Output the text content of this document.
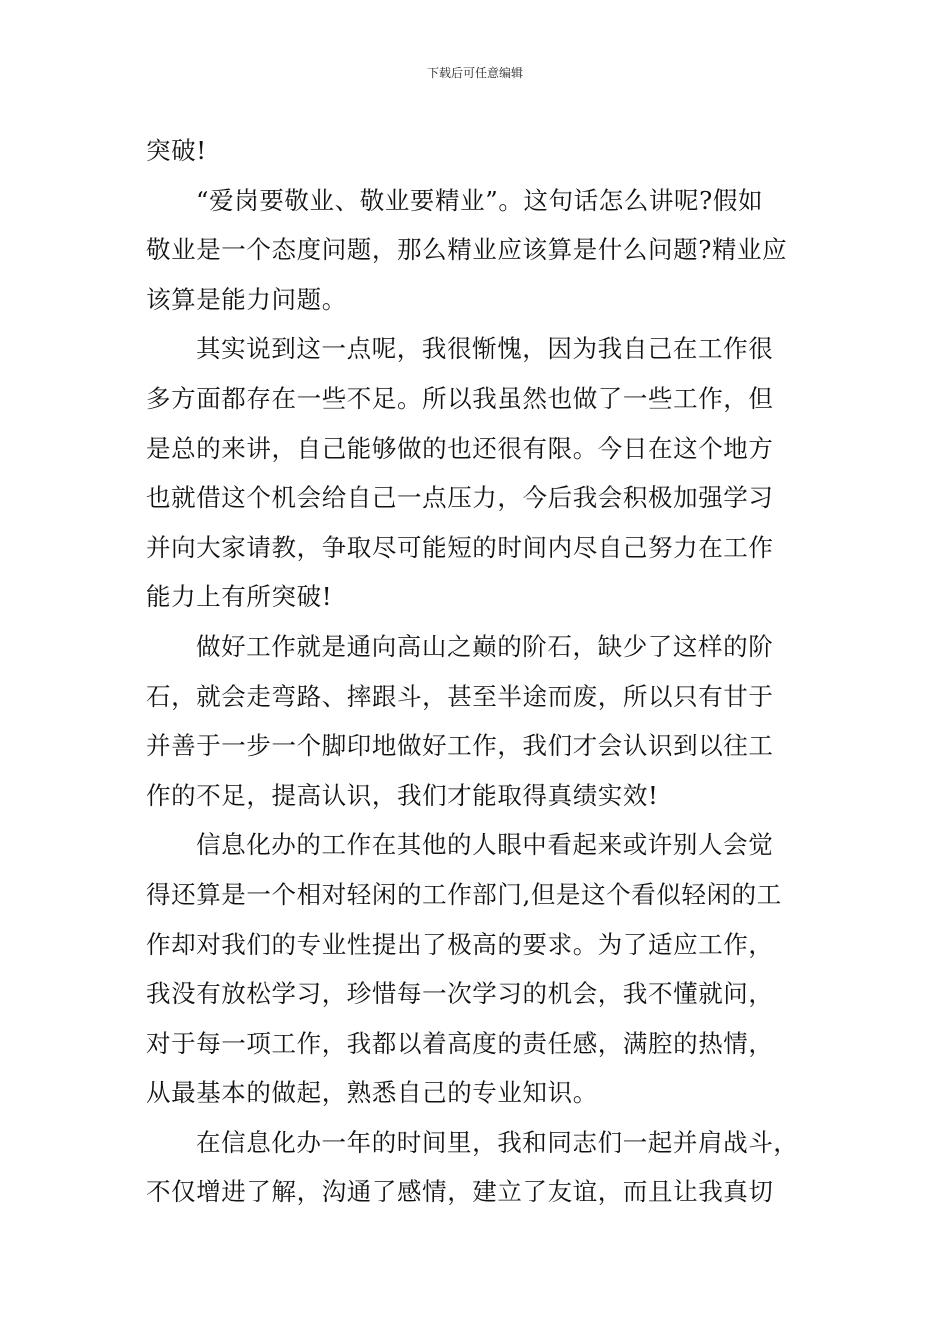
下载后可任意编辑

突破!

“爱岗要敬业、敬业要精业”。这句话怎么讲呢?假如
敬业是一个态度问题，那么精业应该算是什么问题?精业应
该算是能力问题。

其实说到这一点呢，我很惭愧，因为我自己在工作很
多方面都存在一些不足。所以我虽然也做了一些工作，但
是总的来讲，自己能够做的也还很有限。今日在这个地方
也就借这个机会给自己一点压力，今后我会积极加强学习
并向大家请教，争取尽可能短的时间内尽自己努力在工作
能力上有所突破!

做好工作就是通向高山之巅的阶石，缺少了这样的阶
石，就会走弯路、摔跟斗，甚至半途而废，所以只有甘于
并善于一步一个脚印地做好工作，我们才会认识到以往工
作的不足，提高认识，我们才能取得真绩实效!

信息化办的工作在其他的人眼中看起来或许别人会觉
得还算是一个相对轻闲的工作部门,但是这个看似轻闲的工
作却对我们的专业性提出了极高的要求。为了适应工作，
我没有放松学习，珍惜每一次学习的机会，我不懂就问，
对于每一项工作，我都以着高度的责任感，满腔的热情，
从最基本的做起，熟悉自己的专业知识。

在信息化办一年的时间里，我和同志们一起并肩战斗，
不仅增进了解，沟通了感情，建立了友谊，而且让我真切
